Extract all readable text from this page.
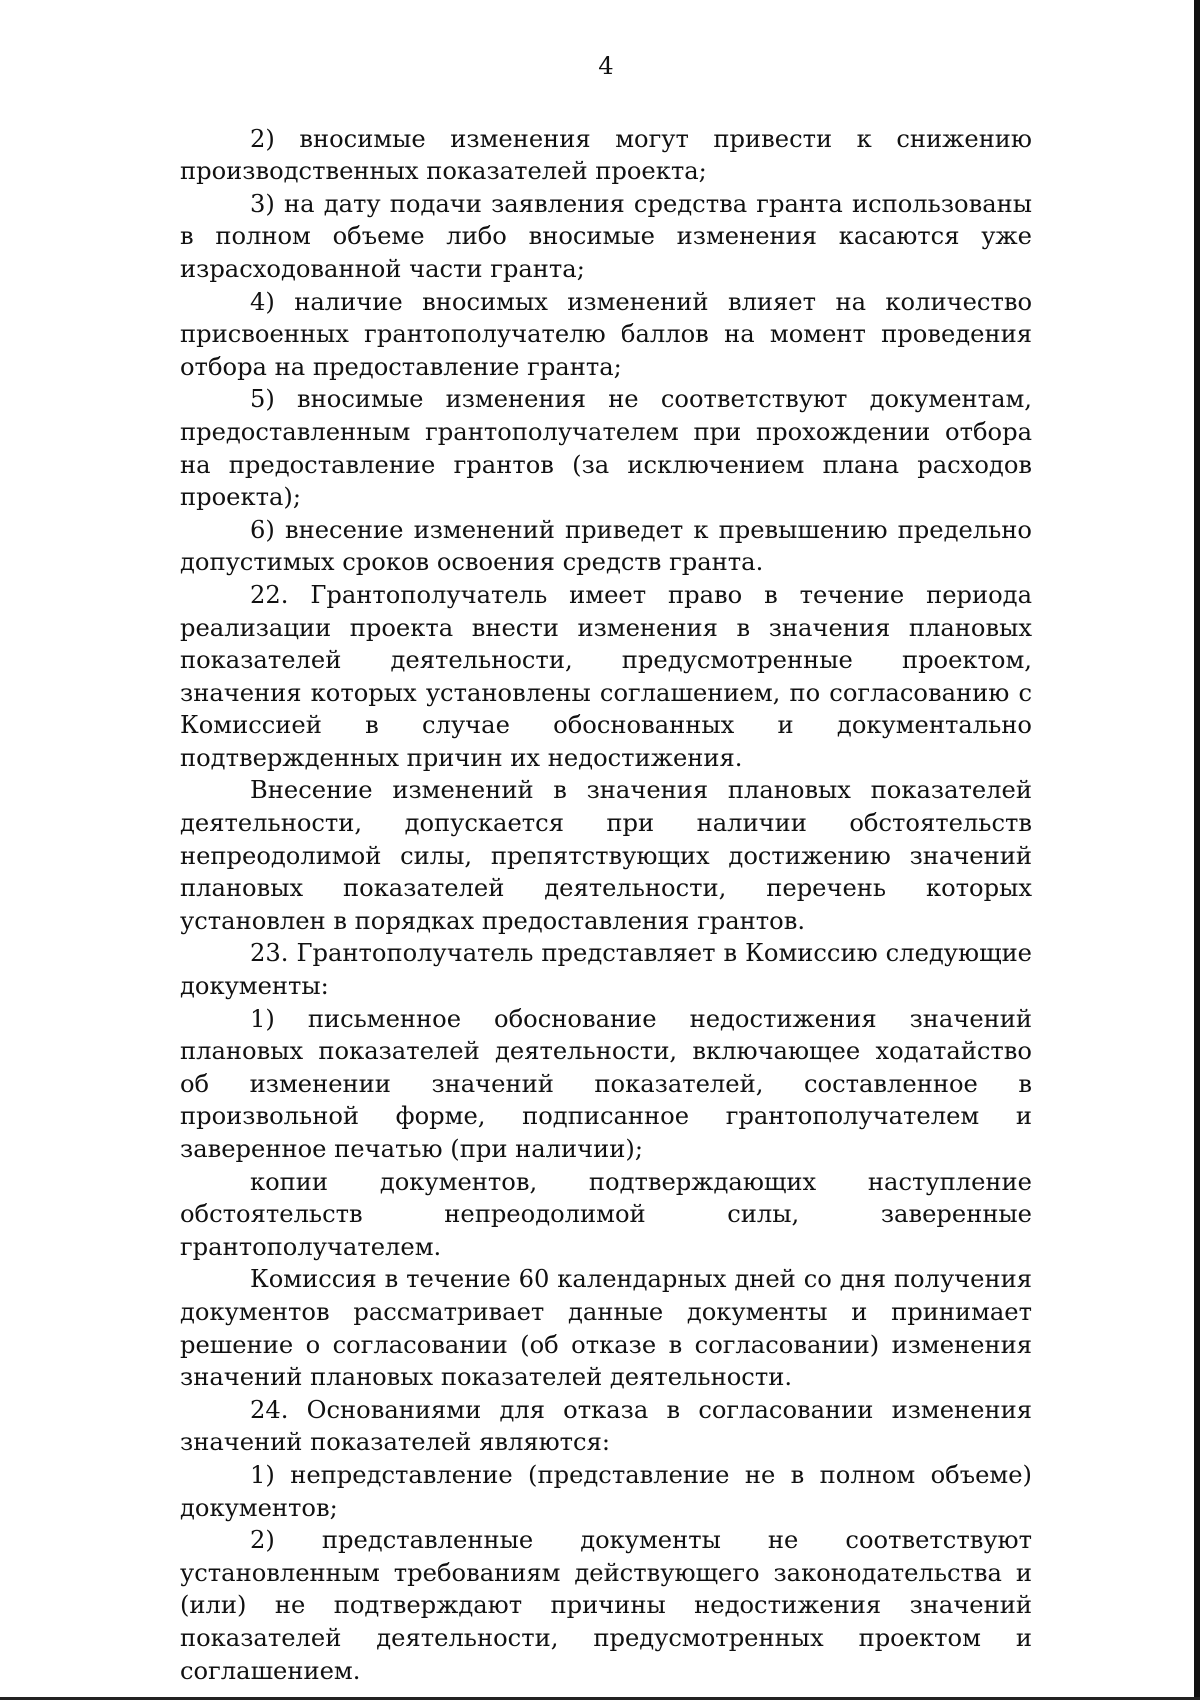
4

2) вносимые изменения могут привести к снижению производственных показателей проекта;

3) на дату подачи заявления средства гранта использованы в полном объеме либо вносимые изменения касаются уже израсходованной части гранта;

4) наличие вносимых изменений влияет на количество присвоенных грантополучателю баллов на момент проведения отбора на предоставление гранта;

5) вносимые изменения не соответствуют документам, предоставленным грантополучателем при прохождении отбора на предоставление грантов (за исключением плана расходов проекта);

6) внесение изменений приведет к превышению предельно допустимых сроков освоения средств гранта.

22. Грантополучатель имеет право в течение периода реализации проекта внести изменения в значения плановых показателей деятельности, предусмотренные проектом, значения которых установлены соглашением, по согласованию с Комиссией в случае обоснованных и документально подтвержденных причин их недостижения.

Внесение изменений в значения плановых показателей деятельности, допускается при наличии обстоятельств непреодолимой силы, препятствующих достижению значений плановых показателей деятельности, перечень которых установлен в порядках предоставления грантов.

23. Грантополучатель представляет в Комиссию следующие документы:

1) письменное обоснование недостижения значений плановых показателей деятельности, включающее ходатайство об изменении значений показателей, составленное в произвольной форме, подписанное грантополучателем и заверенное печатью (при наличии);

копии документов, подтверждающих наступление обстоятельств непреодолимой силы, заверенные грантополучателем.

Комиссия в течение 60 календарных дней со дня получения документов рассматривает данные документы и принимает решение о согласовании (об отказе в согласовании) изменения значений плановых показателей деятельности.

24. Основаниями для отказа в согласовании изменения значений показателей являются:

1) непредставление (представление не в полном объеме) документов;

2) представленные документы не соответствуют установленным требованиям действующего законодательства и (или) не подтверждают причины недостижения значений показателей деятельности, предусмотренных проектом и соглашением.
